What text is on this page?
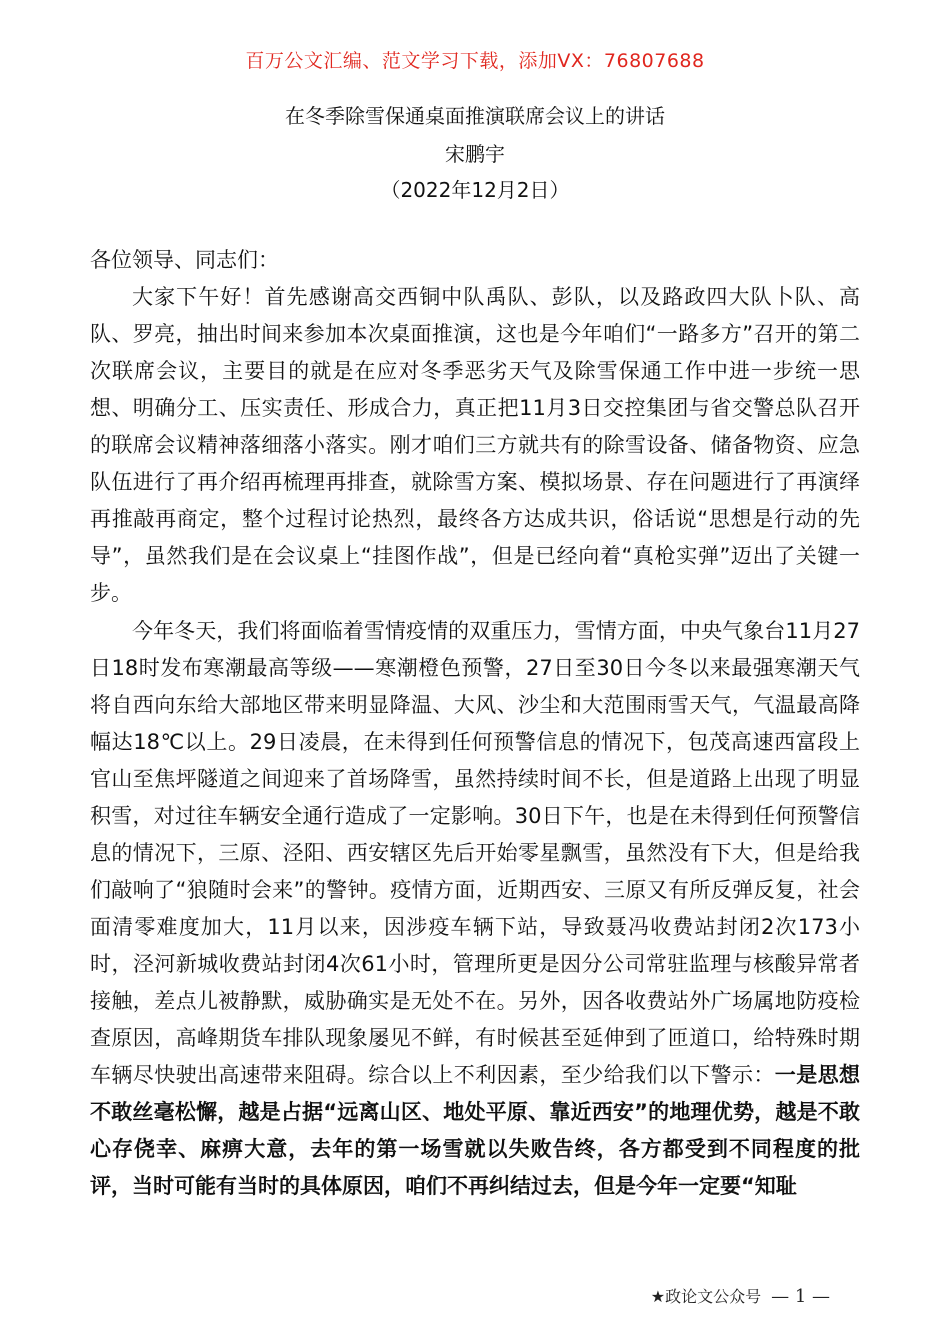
百万公文汇编、范文学习下载，添加VX：76807688
在冬季除雪保通桌面推演联席会议上的讲话
宋鹏宇
（2022年12月2日）

各位领导、同志们：

大家下午好！首先感谢高交西铜中队禹队、彭队，以及路政四大队卜队、高队、罗亮，抽出时间来参加本次桌面推演，这也是今年咱们“一路多方”召开的第二次联席会议，主要目的就是在应对冬季恶劣天气及除雪保通工作中进一步统一思想、明确分工、压实责任、形成合力，真正把11月3日交控集团与省交警总队召开的联席会议精神落细落小落实。刚才咱们三方就共有的除雪设备、储备物资、应急队伍进行了再介绍再梳理再排查，就除雪方案、模拟场景、存在问题进行了再演绎再推敲再商定，整个过程讨论热烈，最终各方达成共识，俗话说“思想是行动的先导”，虽然我们是在会议桌上“挂图作战”，但是已经向着“真枪实弹”迈出了关键一步。

今年冬天，我们将面临着雪情疫情的双重压力，雪情方面，中央气象台11月27日18时发布寒潮最高等级——寒潮橙色预警，27日至30日今冬以来最强寒潮天气将自西向东给大部地区带来明显降温、大风、沙尘和大范围雨雪天气，气温最高降幅达18℃以上。29日凌晨，在未得到任何预警信息的情况下，包茂高速西富段上官山至焦坪隧道之间迎来了首场降雪，虽然持续时间不长，但是道路上出现了明显积雪，对过往车辆安全通行造成了一定影响。30日下午，也是在未得到任何预警信息的情况下，三原、泾阳、西安辖区先后开始零星飘雪，虽然没有下大，但是给我们敲响了“狼随时会来”的警钟。疫情方面，近期西安、三原又有所反弹反复，社会面清零难度加大，11月以来，因涉疫车辆下站，导致聂冯收费站封闭2次173小时，泾河新城收费站封闭4次61小时，管理所更是因分公司常驻监理与核酸异常者接触，差点儿被静默，威胁确实是无处不在。另外，因各收费站外广场属地防疫检查原因，高峰期货车排队现象屡见不鲜，有时候甚至延伸到了匝道口，给特殊时期车辆尽快驶出高速带来阻碍。综合以上不利因素，至少给我们以下警示：一是思想不敢丝毫松懈，越是占据“远离山区、地处平原、靠近西安”的地理优势，越是不敢心存侥幸、麻痹大意，去年的第一场雪就以失败告终，各方都受到不同程度的批评，当时可能有当时的具体原因，咱们不再纠结过去，但是今年一定要“知耻

★政论文公众号 — 1 —
